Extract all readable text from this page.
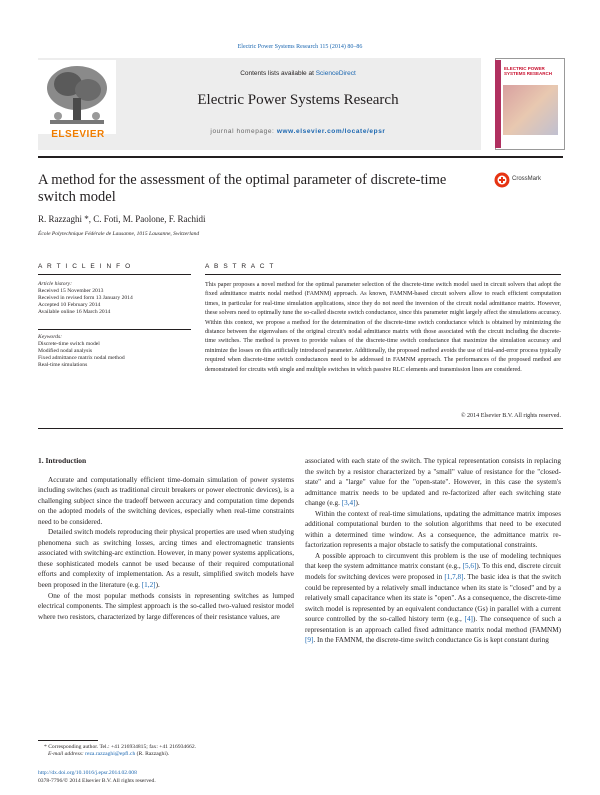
Electric Power Systems Research 115 (2014) 80–86
ELSEVIER
Contents lists available at ScienceDirect
Electric Power Systems Research
journal homepage: www.elsevier.com/locate/epsr
ELECTRIC POWER SYSTEMS RESEARCH
A method for the assessment of the optimal parameter of discrete-time switch model
CrossMark
R. Razzaghi *, C. Foti, M. Paolone, F. Rachidi
École Polytechnique Fédérale de Lausanne, 1015 Lausanne, Switzerland
A R T I C L E I N F O	A B S T R A C T
Article history:
Received 15 November 2013
Received in revised form 13 January 2014
Accepted 10 February 2014
Available online 16 March 2014
Keywords:
Discrete-time switch model
Modified nodal analysis
Fixed admittance matrix nodal method
Real-time simulations
This paper proposes a novel method for the optimal parameter selection of the discrete-time switch model used in circuit solvers that adopt the fixed admittance matrix nodal method (FAMNM) approach. As known, FAMNM-based circuit solvers allow to reach efficient computation times, in particular for real-time simulation applications, since they do not need the inversion of the circuit nodal admittance matrix. However, these solvers need to optimally tune the so-called discrete switch conductance, since this parameter might largely affect the simulations accuracy. Within this context, we propose a method for the determination of the discrete-time switch conductance which is obtained by minimizing the distance between the eigenvalues of the original circuit's nodal admittance matrix with those associated with the circuit including the discrete-time switches. The method is proven to provide values of the discrete-time switch conductance that maximize the simulation accuracy and minimize the losses on this artificially introduced parameter. Additionally, the proposed method avoids the use of trial-and-error process typically required when discrete-time switch conductances need to be addressed in FAMNM approach. The performances of the proposed method are demonstrated for circuits with single and multiple switches in which passive RLC elements and transmission lines are considered.
© 2014 Elsevier B.V. All rights reserved.

1. Introduction

Accurate and computationally efficient time-domain simulation of power systems including switches (such as traditional circuit breakers or power electronic devices), is a challenging subject since the tradeoff between accuracy and computation time depends on the adopted models of the switching devices, especially when real-time constraints need to be considered.

Detailed switch models reproducing their physical properties are used when studying phenomena such as switching losses, arcing times and electromagnetic transients associated with switching-arc extinction. However, in many power systems applications, these sophisticated models cannot be used because of their required computational efforts and complexity of implementation. As a result, simplified switch models have been proposed in the literature (e.g. [1,2]).

One of the most popular methods consists in representing switches as lumped electrical components. The simplest approach is the so-called two-valued resistor model where two resistors, characterized by large differences of their resistance values, are

associated with each state of the switch. The typical representation consists in replacing the switch by a resistor characterized by a "small" value of resistance for the "closed-state" and a "large" value for the "open-state". However, in this case the system's admittance matrix needs to be updated and re-factorized after each switching state change (e.g. [3,4]).

Within the context of real-time simulations, updating the admittance matrix imposes additional computational burden to the solution algorithms that need to be executed within a determined time window. As a consequence, the admittance matrix re-factorization represents a major obstacle to satisfy the computational constraints.

A possible approach to circumvent this problem is the use of modeling techniques that keep the system admittance matrix constant (e.g., [5,6]). To this end, discrete circuit models for switching devices were proposed in [1,7,8]. The basic idea is that the switch could be represented by a relatively small inductance when its state is "closed" and by a relatively small capacitance when its state is "open". As a consequence, the discrete-time switch model is represented by an equivalent conductance (Gs) in parallel with a current source controlled by the so-called history term (e.g., [4]). The consequence of such a representation is an approach called fixed admittance matrix nodal method (FAMNM) [9]. In the FAMNM, the discrete-time switch conductance Gs is kept constant during

* Corresponding author. Tel.: +41 216934815; fax: +41 216934662.
E-mail address: reza.razzaghi@epfl.ch (R. Razzaghi).
http://dx.doi.org/10.1016/j.epsr.2014.02.008
0378-7796/© 2014 Elsevier B.V. All rights reserved.
